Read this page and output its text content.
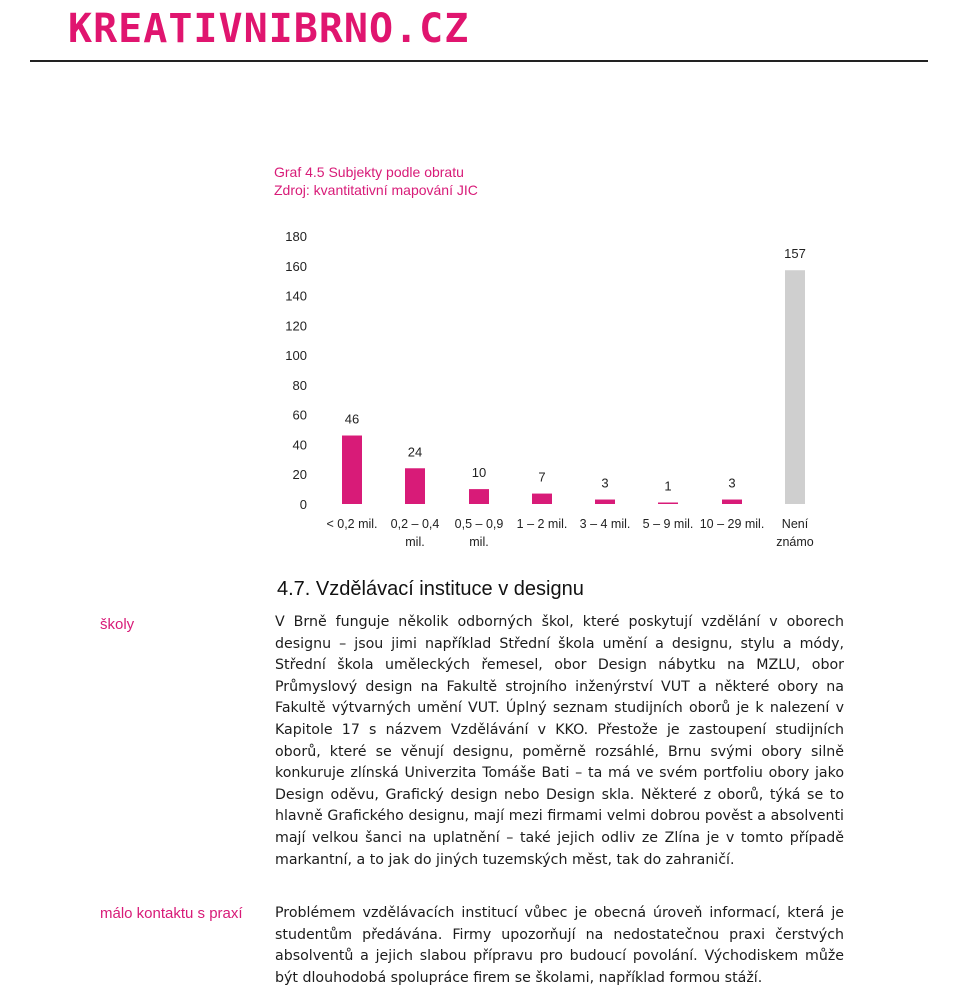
KREATIVNIBRNO.CZ
Graf 4.5 Subjekty podle obratu
Zdroj: kvantitativní mapování JIC
0
20
40
60
80
100
120
140
160
180
46
< 0,2 mil.
24
0,2 – 0,4
mil.
10
0,5 – 0,9
mil.
7
1 – 2 mil.
3
3 – 4 mil.
1
5 – 9 mil.
3
10 – 29 mil.
157
Není
známo
4.7. Vzdělávací instituce v designu
školy
málo kontaktu s praxí

V Brně funguje několik odborných škol, které poskytují vzdělání v oborech designu – jsou jimi například Střední škola umění a designu, stylu a módy, Střední škola uměleckých řemesel, obor Design nábytku na MZLU, obor Průmyslový design na Fakultě strojního inženýrství VUT a některé obory na Fakultě výtvarných umění VUT. Úplný seznam studijních oborů je k nalezení v Kapitole 17 s názvem Vzdělávání v KKO. Přestože je zastoupení studijních oborů, které se věnují designu, poměrně rozsáhlé, Brnu svými obory silně konkuruje zlínská Univerzita Tomáše Bati – ta má ve svém portfoliu obory jako Design oděvu, Grafický design nebo Design skla. Některé z oborů, týká se to hlavně Grafického designu, mají mezi firmami velmi dobrou pověst a absolventi mají velkou šanci na uplatnění – také jejich odliv ze Zlína je v tomto případě markantní, a to jak do jiných tuzemských měst, tak do zahraničí.

Problémem vzdělávacích institucí vůbec je obecná úroveň informací, která je studentům předávána. Firmy upozorňují na nedostatečnou praxi čerstvých absolventů a jejich slabou přípravu pro budoucí povolání. Východiskem může být dlouhodobá spolupráce firem se školami, například formou stáží.
